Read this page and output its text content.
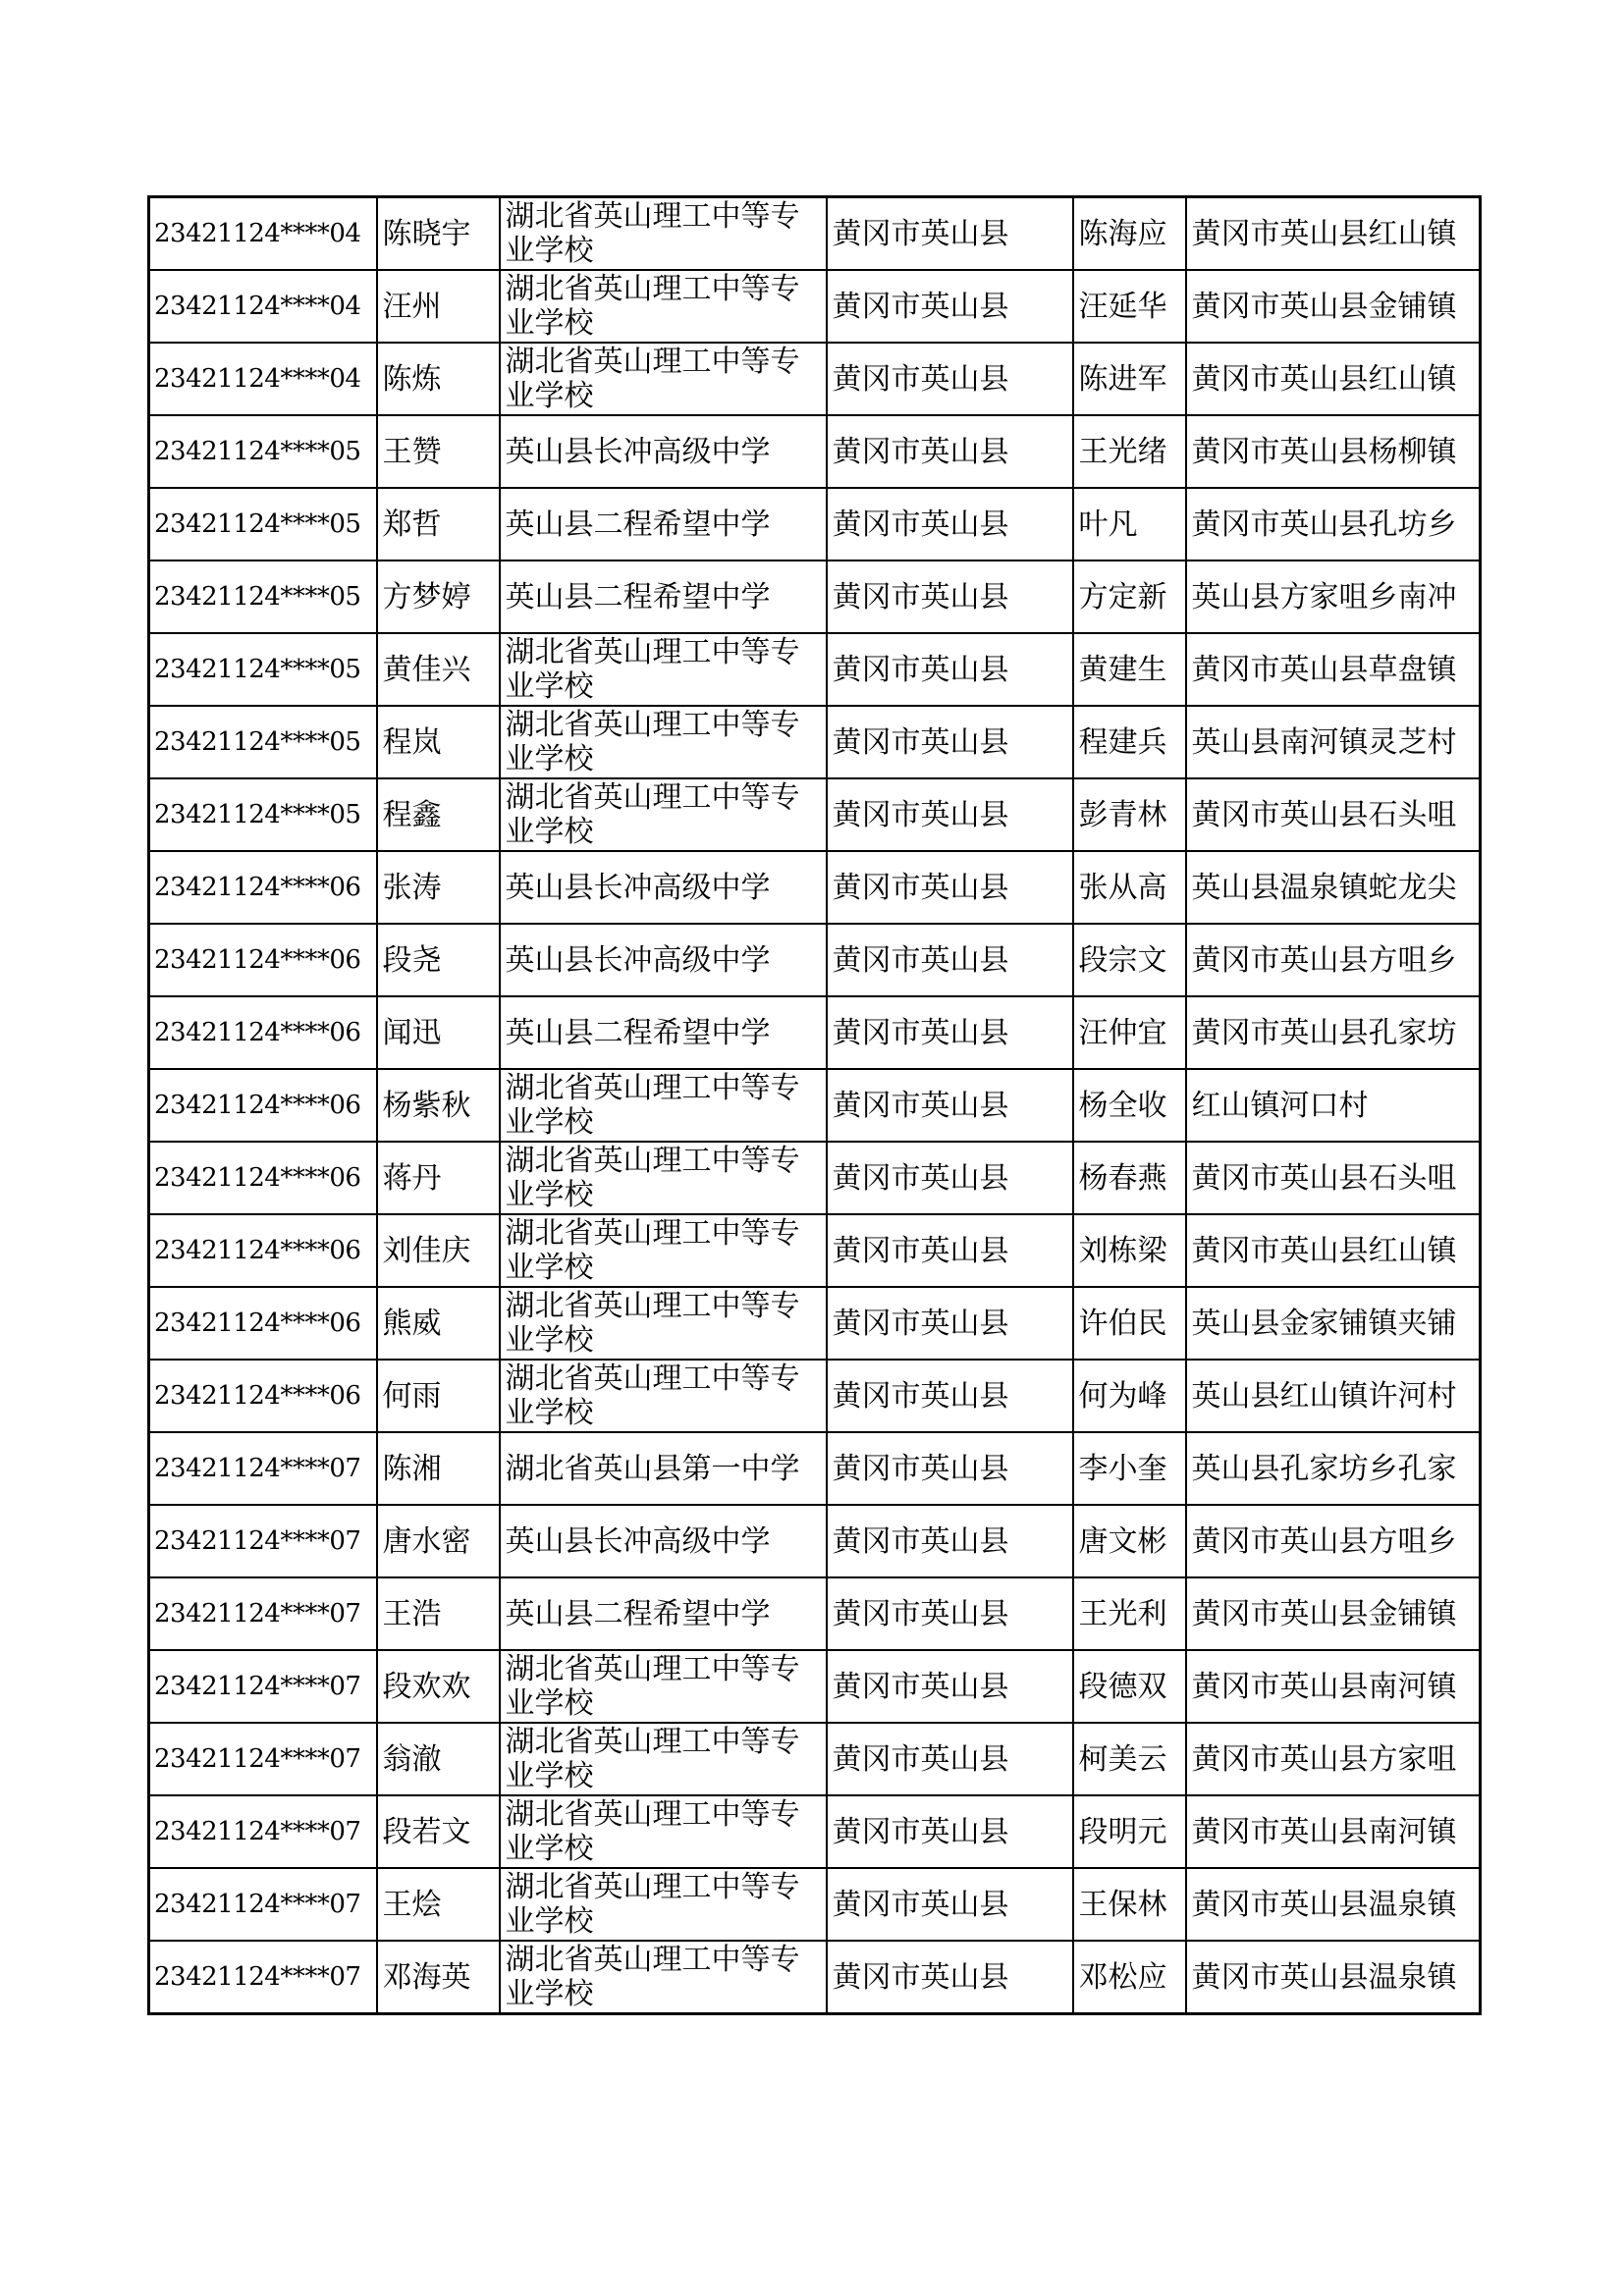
23421124****04	陈晓宇	湖北省英山理工中等专业学校	黄冈市英山县	陈海应	黄冈市英山县红山镇
23421124****04	汪州	湖北省英山理工中等专业学校	黄冈市英山县	汪延华	黄冈市英山县金铺镇
23421124****04	陈炼	湖北省英山理工中等专业学校	黄冈市英山县	陈进军	黄冈市英山县红山镇
23421124****05	王赞	英山县长冲高级中学	黄冈市英山县	王光绪	黄冈市英山县杨柳镇
23421124****05	郑哲	英山县二程希望中学	黄冈市英山县	叶凡	黄冈市英山县孔坊乡
23421124****05	方梦婷	英山县二程希望中学	黄冈市英山县	方定新	英山县方家咀乡南冲
23421124****05	黄佳兴	湖北省英山理工中等专业学校	黄冈市英山县	黄建生	黄冈市英山县草盘镇
23421124****05	程岚	湖北省英山理工中等专业学校	黄冈市英山县	程建兵	英山县南河镇灵芝村
23421124****05	程鑫	湖北省英山理工中等专业学校	黄冈市英山县	彭青林	黄冈市英山县石头咀
23421124****06	张涛	英山县长冲高级中学	黄冈市英山县	张从高	英山县温泉镇蛇龙尖
23421124****06	段尧	英山县长冲高级中学	黄冈市英山县	段宗文	黄冈市英山县方咀乡
23421124****06	闻迅	英山县二程希望中学	黄冈市英山县	汪仲宜	黄冈市英山县孔家坊
23421124****06	杨紫秋	湖北省英山理工中等专业学校	黄冈市英山县	杨全收	红山镇河口村
23421124****06	蒋丹	湖北省英山理工中等专业学校	黄冈市英山县	杨春燕	黄冈市英山县石头咀
23421124****06	刘佳庆	湖北省英山理工中等专业学校	黄冈市英山县	刘栋梁	黄冈市英山县红山镇
23421124****06	熊威	湖北省英山理工中等专业学校	黄冈市英山县	许伯民	英山县金家铺镇夹铺
23421124****06	何雨	湖北省英山理工中等专业学校	黄冈市英山县	何为峰	英山县红山镇许河村
23421124****07	陈湘	湖北省英山县第一中学	黄冈市英山县	李小奎	英山县孔家坊乡孔家
23421124****07	唐水密	英山县长冲高级中学	黄冈市英山县	唐文彬	黄冈市英山县方咀乡
23421124****07	王浩	英山县二程希望中学	黄冈市英山县	王光利	黄冈市英山县金铺镇
23421124****07	段欢欢	湖北省英山理工中等专业学校	黄冈市英山县	段德双	黄冈市英山县南河镇
23421124****07	翁澈	湖北省英山理工中等专业学校	黄冈市英山县	柯美云	黄冈市英山县方家咀
23421124****07	段若文	湖北省英山理工中等专业学校	黄冈市英山县	段明元	黄冈市英山县南河镇
23421124****07	王烩	湖北省英山理工中等专业学校	黄冈市英山县	王保林	黄冈市英山县温泉镇
23421124****07	邓海英	湖北省英山理工中等专业学校	黄冈市英山县	邓松应	黄冈市英山县温泉镇
